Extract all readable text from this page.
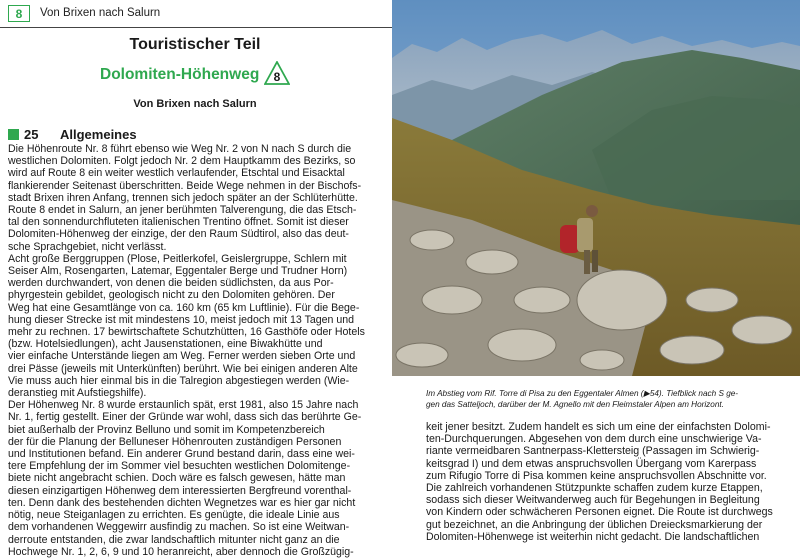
8	Von Brixen nach Salurn
Touristischer Teil
Dolomiten-Höhenweg 8
Von Brixen nach Salurn
25	Allgemeines

Die Höhenroute Nr. 8 führt ebenso wie Weg Nr. 2 von N nach S durch die

westlichen Dolomiten. Folgt jedoch Nr. 2 dem Hauptkamm des Bezirks, so

wird auf Route 8 ein weiter westlich verlaufender, Etschtal und Eisacktal

flankierender Seitenast überschritten. Beide Wege nehmen in der Bischofs-

stadt Brixen ihren Anfang, trennen sich jedoch später an der Schlüterhütte.

Route 8 endet in Salurn, an jener berühmten Talverengung, die das Etsch-

tal den sonnendurchfluteten italienischen Trentino öffnet. Somit ist dieser

Dolomiten-Höhenweg der einzige, der den Raum Südtirol, also das deut-

sche Sprachgebiet, nicht verlässt.

Acht große Berggruppen (Plose, Peitlerkofel, Geislergruppe, Schlern mit

Seiser Alm, Rosengarten, Latemar, Eggentaler Berge und Trudner Horn)

werden durchwandert, von denen die beiden südlichsten, da aus Por-

phyrgestein gebildet, geologisch nicht zu den Dolomiten gehören. Der

Weg hat eine Gesamtlänge von ca. 160 km (65 km Luftlinie). Für die Bege-

hung dieser Strecke ist mit mindestens 10, meist jedoch mit 13 Tagen und

mehr zu rechnen. 17 bewirtschaftete Schutzhütten, 16 Gasthöfe oder Hotels

(bzw. Hotelsiedlungen), acht Jausenstationen, eine Biwakhütte und

vier einfache Unterstände liegen am Weg. Ferner werden sieben Orte und

drei Pässe (jeweils mit Unterkünften) berührt. Wie bei einigen anderen Alte

Vie muss auch hier einmal bis in die Talregion abgestiegen werden (Wie-

deranstieg mit Aufstiegshilfe).

Der Höhenweg Nr. 8 wurde erstaunlich spät, erst 1981, also 15 Jahre nach

Nr. 1, fertig gestellt. Einer der Gründe war wohl, dass sich das berührte Ge-

biet außerhalb der Provinz Belluno und somit im Kompetenzbereich

der für die Planung der Belluneser Höhenrouten zuständigen Personen

und Institutionen befand. Ein anderer Grund bestand darin, dass eine wei-

tere Empfehlung der im Sommer viel besuchten westlichen Dolomitenge-

biete nicht angebracht schien. Doch wäre es falsch gewesen, hätte man

diesen einzigartigen Höhenweg dem interessierten Bergfreund vorenthal-

ten. Denn dank des bestehenden dichten Wegnetzes war es hier gar nicht

nötig, neue Steiganlagen zu errichten. Es genügte, die ideale Linie aus

dem vorhandenen Weggewirr ausfindig zu machen. So ist eine Weitwan-

derroute entstanden, die zwar landschaftlich mitunter nicht ganz an die

Hochwege Nr. 1, 2, 6, 9 und 10 heranreicht, aber dennoch die Großzügig-

Im Abstieg vom Rif. Torre di Pisa zu den Eggentaler Almen (▶54). Tiefblick nach S ge-

gen das Satteljoch, darüber der M. Agnello mit den Fleimstaler Alpen am Horizont.

keit jener besitzt. Zudem handelt es sich um eine der einfachsten Dolomi-

ten-Durchquerungen. Abgesehen von dem durch eine unschwierige Va-

riante vermeidbaren Santnerpass-Klettersteig (Passagen im Schwierig-

keitsgrad I) und dem etwas anspruchsvollen Übergang vom Karerpass

zum Rifugio Torre di Pisa kommen keine anspruchsvollen Abschnitte vor.

Die zahlreich vorhandenen Stützpunkte schaffen zudem kurze Etappen,

sodass sich dieser Weitwanderweg auch für Begehungen in Begleitung

von Kindern oder schwächeren Personen eignet. Die Route ist durchwegs

gut bezeichnet, an die Anbringung der üblichen Dreiecksmarkierung der

Dolomiten-Höhenwege ist weiterhin nicht gedacht. Die landschaftlichen
